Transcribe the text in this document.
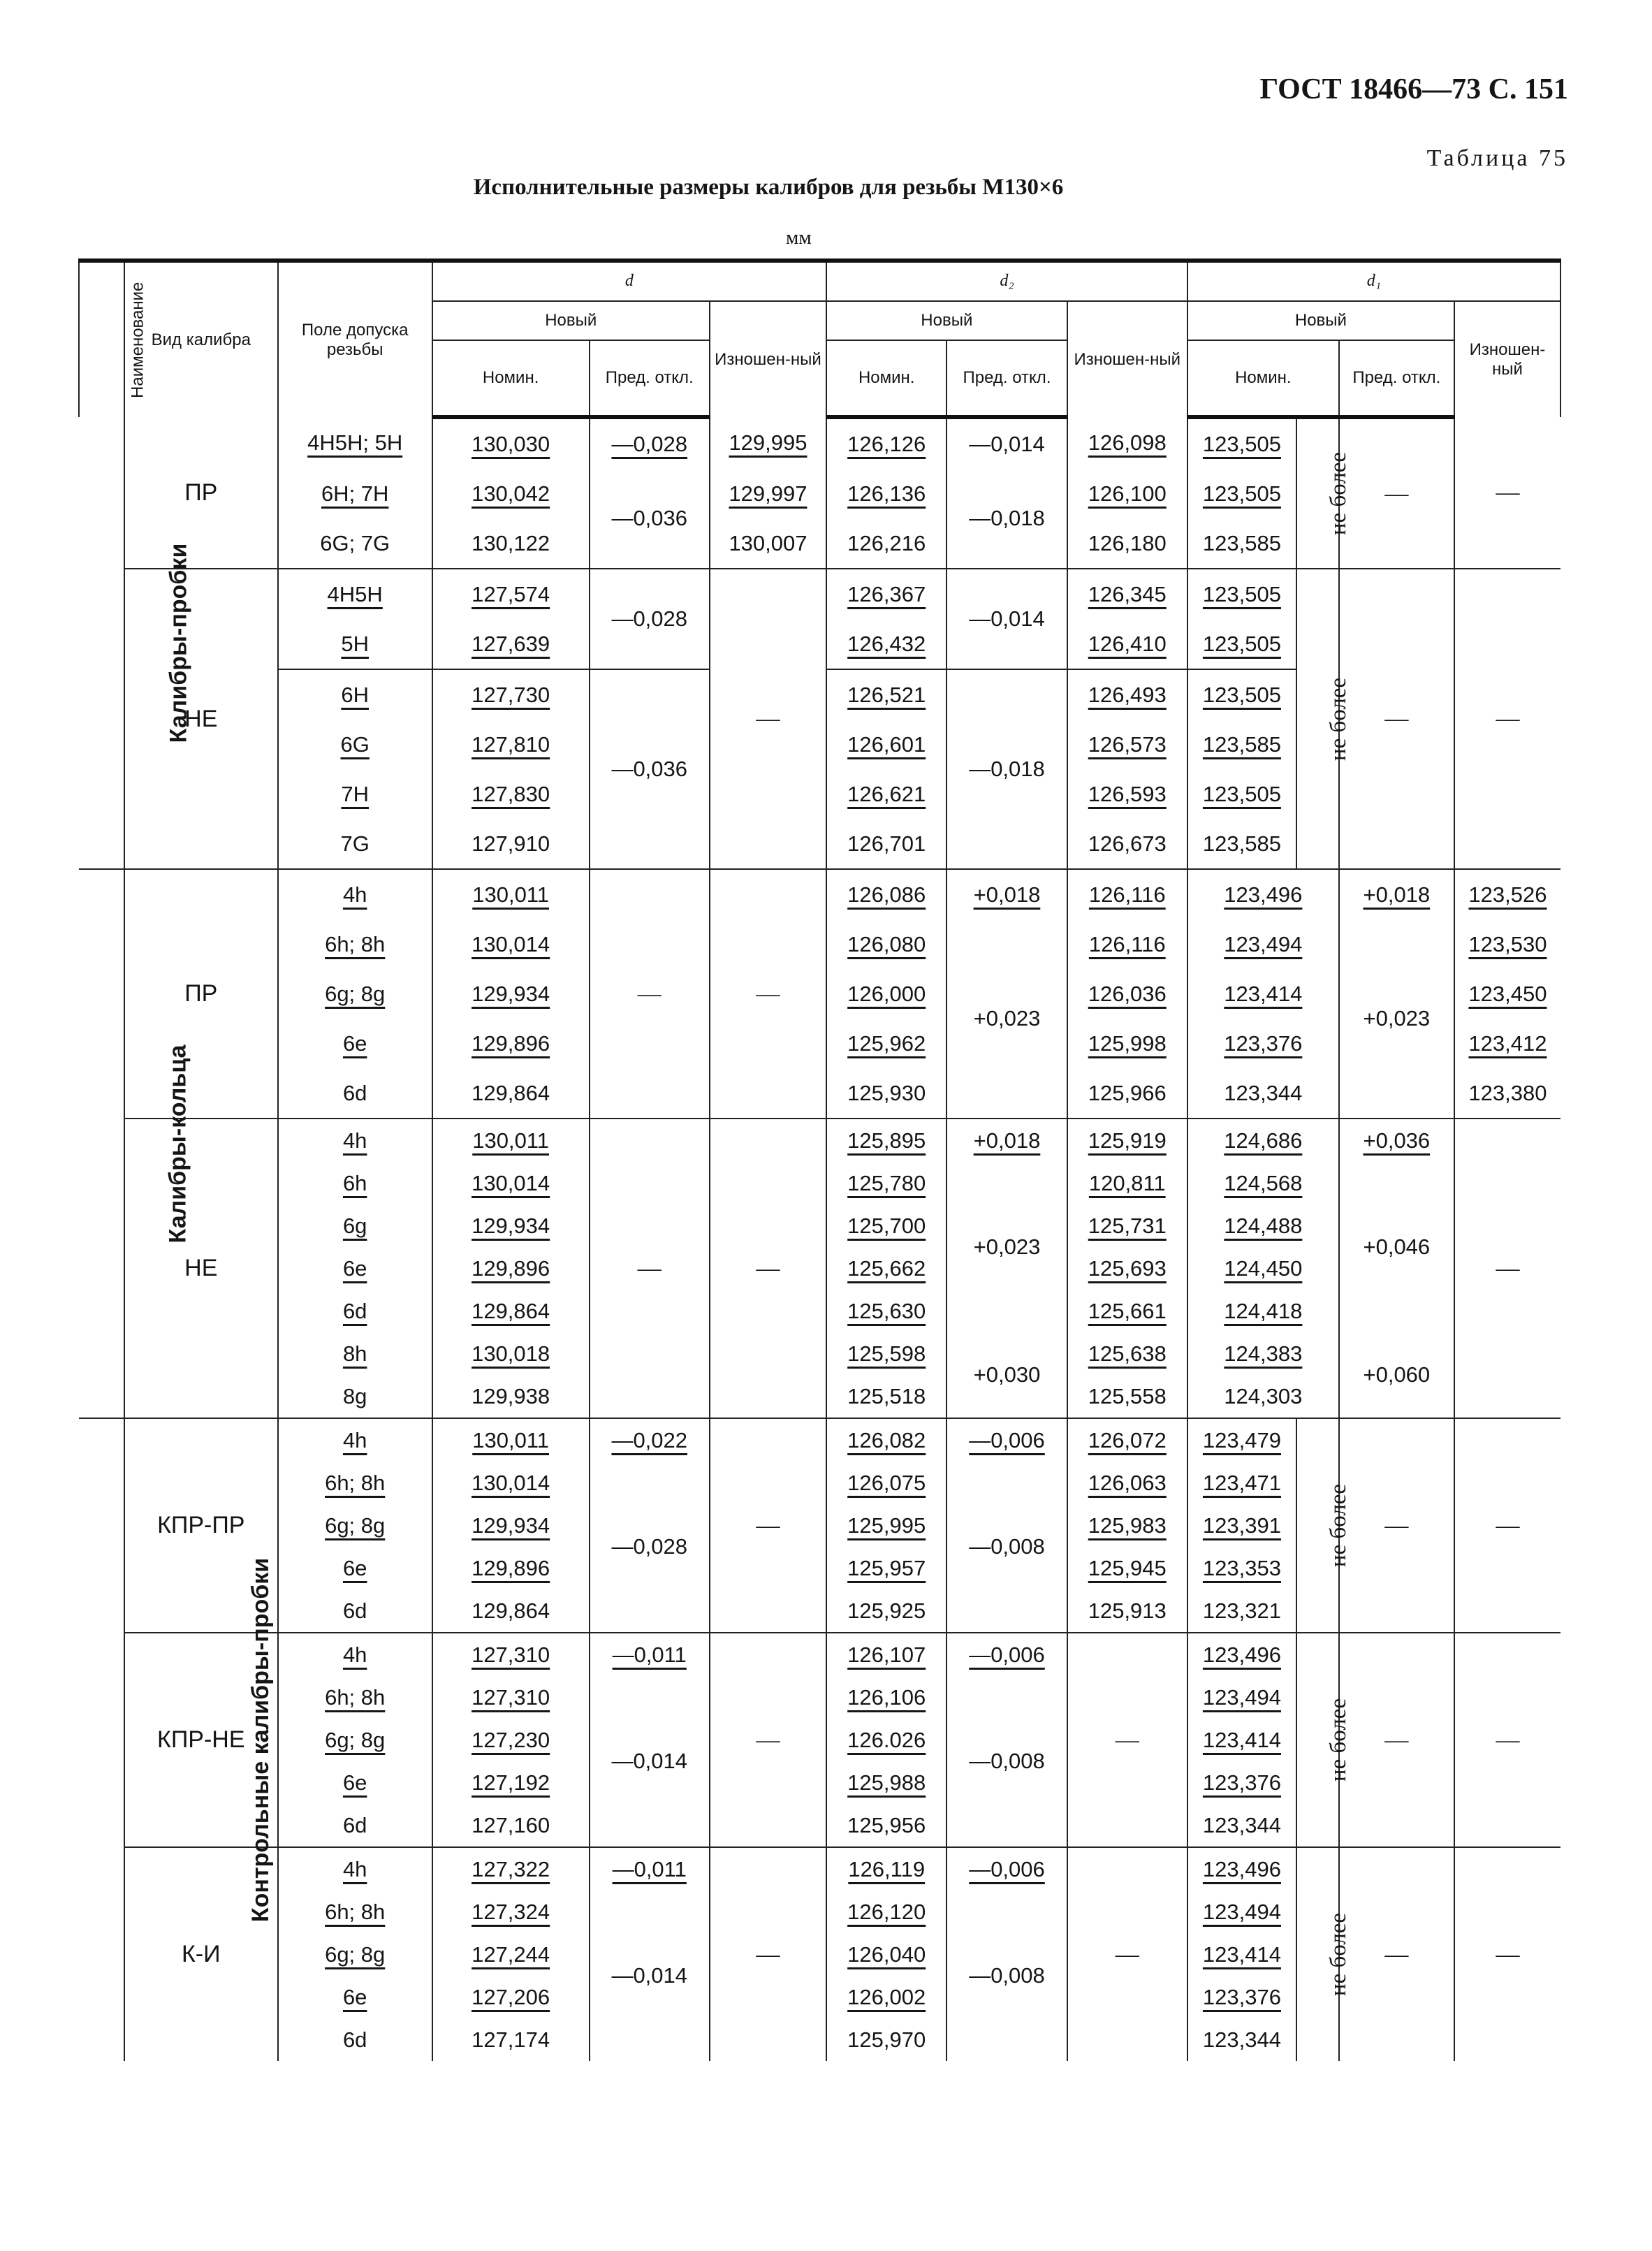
ГОСТ 18466—73 С. 151
Таблица 75
Исполнительные размеры калибров для резьбы М130×6
мм
Наименование	Вид калибра	Поле допуска резьбы	d			d₂			d₁			
			Новый		Изношен-ный	Новый		Изношен-ный	Новый			Изношен-ный
			Номин.	Пред. откл.		Номин.	Пред. откл.		Номин.		Пред. откл.	
Калибры-пробки	ПР	4H5H; 5H	130,030	—0,028	129,995	126,126	—0,014	126,098	123,505	не более	—	—
		6H; 7H	130,042	—0,036	129,997	126,136	—0,018	126,100	123,505			
		6G; 7G	130,122		130,007	126,216		126,180	123,585			
	НЕ	4H5H	127,574	—0,028	—	126,367	—0,014	126,345	123,505	не более	—	—
		5H	127,639			126,432		126,410	123,505			
		6H	127,730	—0,036		126,521	—0,018	126,493	123,505			
		6G	127,810			126,601		126,573	123,585			
		7H	127,830			126,621		126,593	123,505			
		7G	127,910			126,701		126,673	123,585			
Калибры-кольца	ПР	4h	130,011	—	—	126,086	+0,018	126,116	123,496		+0,018	123,526
		6h; 8h	130,014			126,080	+0,023	126,116	123,494		+0,023	123,530
		6g; 8g	129,934			126,000		126,036	123,414			123,450
		6e	129,896			125,962		125,998	123,376			123,412
		6d	129,864			125,930		125,966	123,344			123,380
	НЕ	4h	130,011	—	—	125,895	+0,018	125,919	124,686		+0,036	—
		6h	130,014			125,780	+0,023	120,811	124,568		+0,046	
		6g	129,934			125,700		125,731	124,488			
		6e	129,896			125,662		125,693	124,450			
		6d	129,864			125,630		125,661	124,418			
		8h	130,018			125,598	+0,030	125,638	124,383		+0,060	
		8g	129,938			125,518		125,558	124,303			
Контрольные калибры-пробки	КПР-ПР	4h	130,011	—0,022	—	126,082	—0,006	126,072	123,479	не более	—	—
		6h; 8h	130,014	—0,028		126,075	—0,008	126,063	123,471			
		6g; 8g	129,934			125,995		125,983	123,391			
		6e	129,896			125,957		125,945	123,353			
		6d	129,864			125,925		125,913	123,321			
	КПР-НЕ	4h	127,310	—0,011	—	126,107	—0,006	—	123,496	не более	—	—
		6h; 8h	127,310	—0,014		126,106	—0,008		123,494			
		6g; 8g	127,230			126.026			123,414			
		6e	127,192			125,988			123,376			
		6d	127,160			125,956			123,344			
	К-И	4h	127,322	—0,011	—	126,119	—0,006	—	123,496	не более	—	—
		6h; 8h	127,324	—0,014		126,120	—0,008		123,494			
		6g; 8g	127,244			126,040			123,414			
		6e	127,206			126,002			123,376			
		6d	127,174			125,970			123,344			
